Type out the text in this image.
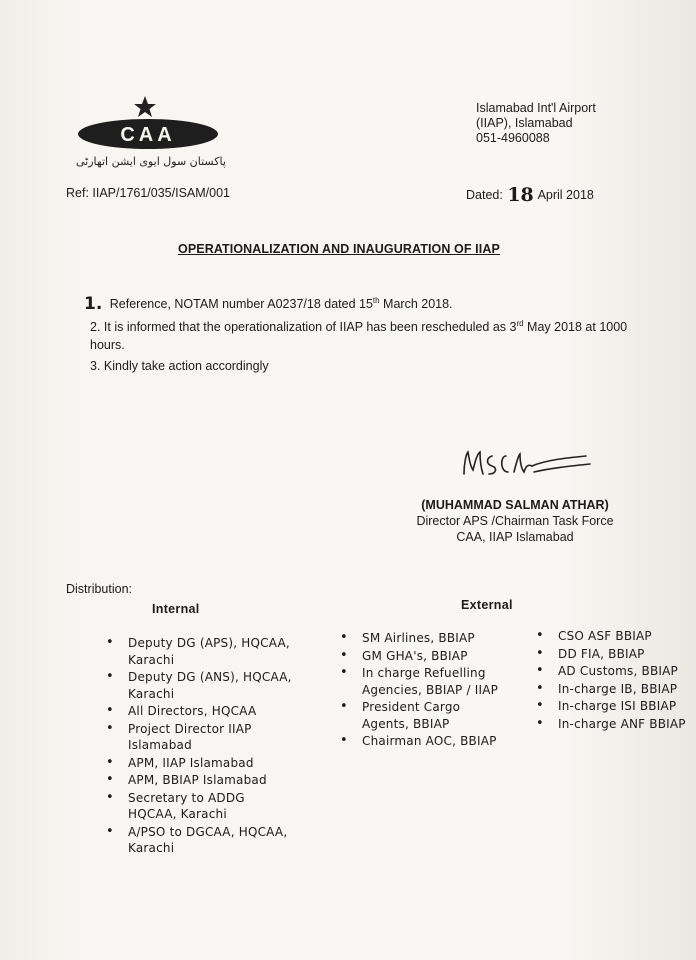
CAA
پاکستان سول ایوی ایشن اتھارٹی
Islamabad Int'l Airport
(IIAP), Islamabad
051-4960088
Ref: IIAP/1761/035/ISAM/001	Dated: 18 April 2018
OPERATIONALIZATION AND INAUGURATION OF IIAP
1. Reference, NOTAM number A0237/18 dated 15th March 2018.
2. It is informed that the operationalization of IIAP has been rescheduled as 3rd May 2018 at 1000 hours.
3. Kindly take action accordingly
(MUHAMMAD SALMAN ATHAR)
Director APS /Chairman Task Force
CAA, IIAP Islamabad
Distribution:
Internal	External
• Deputy DG (APS), HQCAA, Karachi
• Deputy DG (ANS), HQCAA, Karachi
• All Directors, HQCAA
• Project Director IIAP Islamabad
• APM, IIAP Islamabad
• APM, BBIAP Islamabad
• Secretary to ADDG HQCAA, Karachi
• A/PSO to DGCAA, HQCAA, Karachi
• SM Airlines, BBIAP
• GM GHA's, BBIAP
• In charge Refuelling Agencies, BBIAP / IIAP
• President Cargo Agents, BBIAP
• Chairman AOC, BBIAP
• CSO ASF BBIAP
• DD FIA, BBIAP
• AD Customs, BBIAP
• In-charge IB, BBIAP
• In-charge ISI BBIAP
• In-charge ANF BBIAP
